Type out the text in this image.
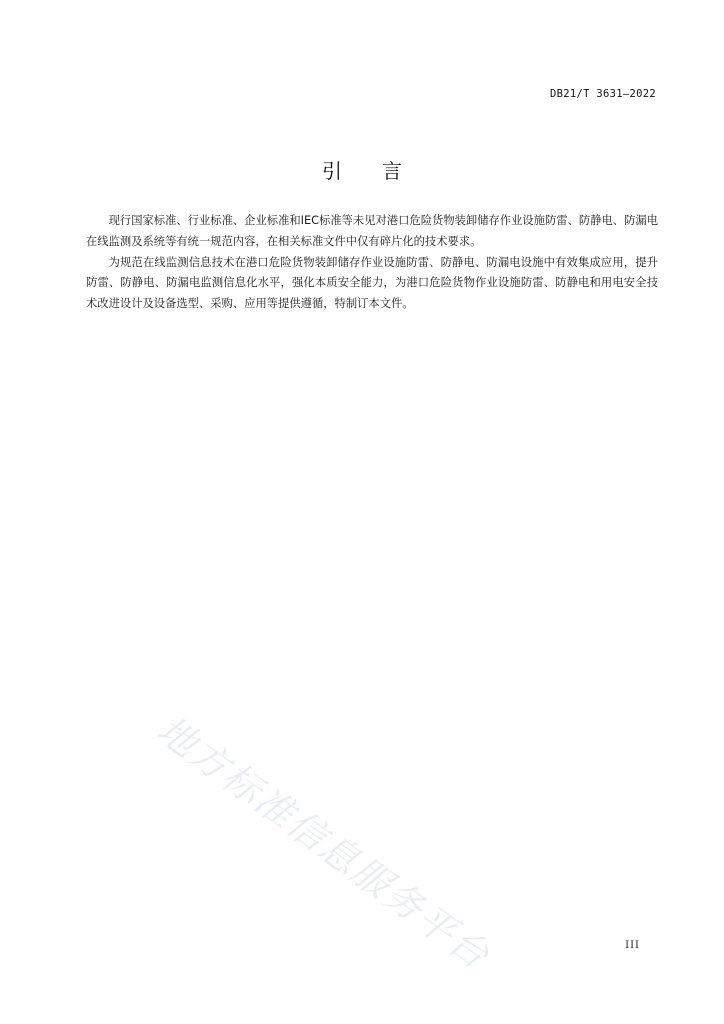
DB21/T 3631—2022
引 言

现行国家标准、行业标准、企业标准和IEC标准等未见对港口危险货物装卸储存作业设施防雷、防静电、防漏电在线监测及系统等有统一规范内容，在相关标准文件中仅有碎片化的技术要求。

为规范在线监测信息技术在港口危险货物装卸储存作业设施防雷、防静电、防漏电设施中有效集成应用，提升防雷、防静电、防漏电监测信息化水平，强化本质安全能力，为港口危险货物作业设施防雷、防静电和用电安全技术改进设计及设备选型、采购、应用等提供遵循，特制订本文件。

地方标准信息服务平台	III
